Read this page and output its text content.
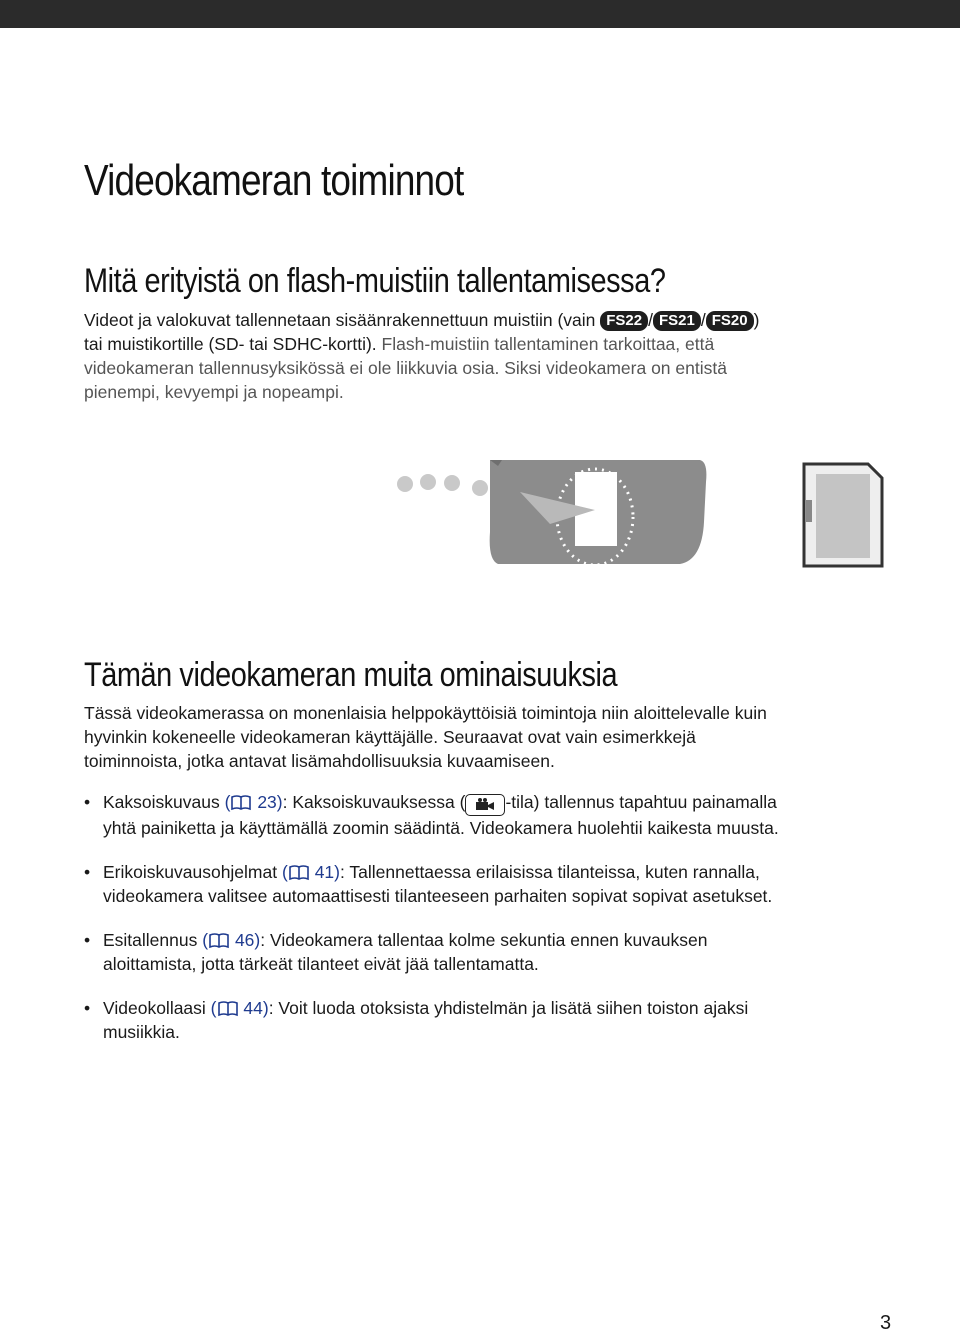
Videokameran toiminnot
Mitä erityistä on flash-muistiin tallentamisessa?

Videot ja valokuvat tallennetaan sisäänrakennettuun muistiin (vain FS22 / FS21 / FS20 )
tai muistikortille (SD- tai SDHC-kortti). Flash-muistiin tallentaminen tarkoittaa, että
videokameran tallennusyksikössä ei ole liikkuvia osia. Siksi videokamera on entistä
pienempi, kevyempi ja nopeampi.

Tämän videokameran muita ominaisuuksia

Tässä videokamerassa on monenlaisia helppokäyttöisiä toimintoja niin aloittelevalle kuin
hyvinkin kokeneelle videokameran käyttäjälle. Seuraavat ovat vain esimerkkejä
toiminnoista, jotka antavat lisämahdollisuuksia kuvaamiseen.

• Kaksoiskuvaus ( 23): Kaksoiskuvauksessa ( -tila) tallennus tapahtuu painamalla
yhtä painiketta ja käyttämällä zoomin säädintä. Videokamera huolehtii kaikesta muusta.
• Erikoiskuvausohjelmat ( 41): Tallennettaessa erilaisissa tilanteissa, kuten rannalla,
videokamera valitsee automaattisesti tilanteeseen parhaiten sopivat sopivat asetukset.
• Esitallennus ( 46): Videokamera tallentaa kolme sekuntia ennen kuvauksen
aloittamista, jotta tärkeät tilanteet eivät jää tallentamatta.
• Videokollaasi ( 44): Voit luoda otoksista yhdistelmän ja lisätä siihen toiston ajaksi
musiikkia.
3
